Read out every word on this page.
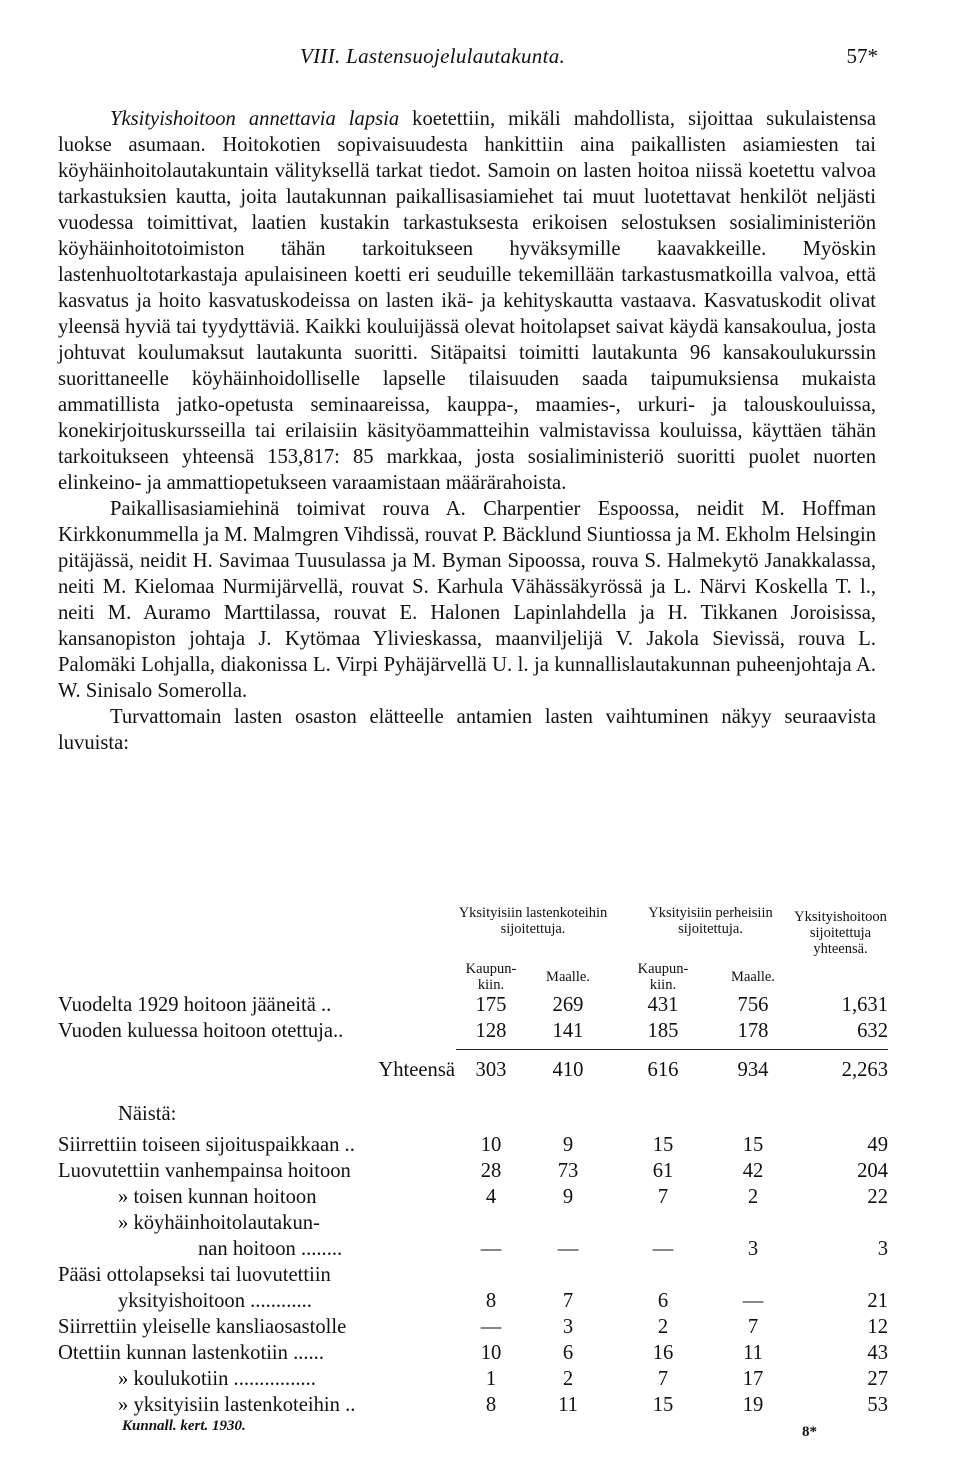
VIII. Lastensuojelulautakunta.	57*

Yksityishoitoon annettavia lapsia koetettiin, mikäli mahdollista, sijoittaa sukulaistensa luokse asumaan. Hoitokotien sopivaisuudesta hankittiin aina paikallisten asiamiesten tai köyhäinhoitolautakuntain välityksellä tarkat tiedot. Samoin on lasten hoitoa niissä koetettu valvoa tarkastuksien kautta, joita lautakunnan paikallisasiamiehet tai muut luotettavat henkilöt neljästi vuodessa toimittivat, laatien kustakin tarkastuksesta erikoisen selostuksen sosialiministeriön köyhäinhoitotoimiston tähän tarkoitukseen hyväksymille kaavakkeille. Myöskin lastenhuoltotarkastaja apulaisineen koetti eri seuduille tekemillään tarkastusmatkoilla valvoa, että kasvatus ja hoito kasvatuskodeissa on lasten ikä- ja kehityskautta vastaava. Kasvatuskodit olivat yleensä hyviä tai tyydyttäviä. Kaikki kouluijässä olevat hoitolapset saivat käydä kansakoulua, josta johtuvat koulumaksut lautakunta suoritti. Sitäpaitsi toimitti lautakunta 96 kansakoulukurssin suorittaneelle köyhäinhoidolliselle lapselle tilaisuuden saada taipumuksiensa mukaista ammatillista jatko-opetusta seminaareissa, kauppa-, maamies-, urkuri- ja talouskouluissa, konekirjoituskursseilla tai erilaisiin käsityöammatteihin valmistavissa kouluissa, käyttäen tähän tarkoitukseen yhteensä 153,817: 85 markkaa, josta sosialiministeriö suoritti puolet nuorten elinkeino- ja ammattiopetukseen varaamistaan määrärahoista.

Paikallisasiamiehinä toimivat rouva A. Charpentier Espoossa, neidit M. Hoffman Kirkkonummella ja M. Malmgren Vihdissä, rouvat P. Bäcklund Siuntiossa ja M. Ekholm Helsingin pitäjässä, neidit H. Savimaa Tuusulassa ja M. Byman Sipoossa, rouva S. Halmekytö Janakkalassa, neiti M. Kielomaa Nurmijärvellä, rouvat S. Karhula Vähässäkyrössä ja L. Närvi Koskella T. l., neiti M. Auramo Marttilassa, rouvat E. Halonen Lapinlahdella ja H. Tikkanen Joroisissa, kansanopiston johtaja J. Kytömaa Ylivieskassa, maanviljelijä V. Jakola Sievissä, rouva L. Palomäki Lohjalla, diakonissa L. Virpi Pyhäjärvellä U. l. ja kunnallislautakunnan puheenjohtaja A. W. Sinisalo Somerolla.

Turvattomain lasten osaston elätteelle antamien lasten vaihtuminen näkyy seuraavista luvuista:

Yksityisiin lastenkoteihin sijoitettuja.
Yksityisiin perheisiin sijoitettuja.
Yksityishoitoon sijoitettuja yhteensä.
Kaupunkiin.	Maalle.	Kaupunkiin.	Maalle.
Vuodelta 1929 hoitoon jääneitä ..	175	269	431	756	1,631
Vuoden kuluessa hoitoon otettuja..	128	141	185	178	632
Yhteensä 303	410	616	934	2,263
Näistä:
Siirrettiin toiseen sijoituspaikkaan ..	10	9	15	15	49
Luovutettiin vanhempainsa hoitoon	28	73	61	42	204
» toisen kunnan hoitoon	4	9	7	2	22
» köyhäinhoitolautakun-
nan hoitoon ........	—	—	—	3	3
Pääsi ottolapseksi tai luovutettiin
yksityishoitoon ............	8	7	6	—	21
Siirrettiin yleiselle kansliaosastolle	—	3	2	7	12
Otettiin kunnan lastenkotiin ......	10	6	16	11	43
» koulukotiin ................	1	2	7	17	27
» yksityisiin lastenkoteihin ..	8	11	15	19	53
Kunnall. kert. 1930.	8*
